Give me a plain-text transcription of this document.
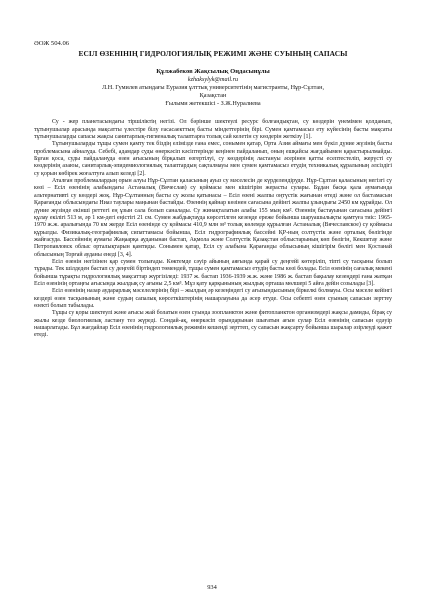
ӘОЖ 504.06

ЕСІЛ ӨЗЕНІНІҢ ГИДРОЛОГИЯЛЫҚ РЕЖИМІ ЖӘНЕ СУЫНЫҢ САПАСЫ

Құлжабеков Жақсылық Оңдасынұлы

kzhaksylyk@mail.ru

Л.Н. Гумилев атындағы Еуразия ұлттық университетінің магистранты, Нұр-Сұлтан,

Қазақстан

Ғылыми жетекшісі - З.Ж.Нуралиева

Су - жер планетасындағы тіршіліктің негізі. Ол бәрінше шектеулі ресурс болғандықтан, су көздерін үнемімен қолданып, тұтынушылар арасында мақсатты үлестіре білу ғасасаекттың басты міндеттерінің бірі. Сумен қамтамасыз ету күйесінің басты мақсаты тұтынушыларды сапасы жақсы санитарлық-гигиеналық талаптарға толық сай келетін су көздерін жеткізу [1].

Тұтынушыларды тұщы сумен қамту тек біздің елімізде ғана емес, сонымен қатар, Орта Азия аймағы мен бүкіл дүние жүзінің басты проблемасына айналуда. Себебі, адамдар суды өнеркәсіп кәсіптерінде кеңінен пайдаланып, оның ешқайсы жағдайымен қарастырылмайды. Бұған қоса, суды пайдалануда өзен ағысының бірқалып өзгертілуі, су көздерінің ластануы әсерінен қатты есептестеліп, жерүсті су көздерінің азаюы, санитарлық-эпидемиологиялық талаптардың сақталмауы мен сумен қамтамасыз етудің техникалық құралының әлсіздігі су қорын көбірек жоғалтуға алып келеді [2].

Аталған проблемалардың орын алуы Нұр-Сұлтан қаласының ауыз су мәселесін де күрделендіруде. Нұр-Сұлтан қаласының негізгі су көзі – Есіл өзенінің алабындағы Астаналық (Вячеслав) су қоймасы мен кішігірім жерасты сулары. Бұдан басқа қала аумағында альтернативті су көздері жоқ. Нұр-Сұлтанның басты су жолы қатынасы – Есіл өзені жалпы оңтүстік жағынан өтеді және ол бастамасын Қарағанды облысындағы Ниаз таулары маңынан бастайды. Өзеннің қайнар көзінен сағасына дейінгі жалпы ұзындығы 2450 км құрайды. Ол дүние жүзінде екінші реттегі ең ұзын сала болып саналады. Су жинақталатын алабы 155 мың км². Өзеннің бастауынан сағасына дейінгі құлау екілігі 513 м, әр 1 км-дегі еңістігі 21 см. Сумен жабдықтауда көрсетілген кезеңде ереже бойынша шаруашылықты қамтуға тиіс: 1965-1970 ж.ж. аралығында 70 км жерде Есіл өзенінде су қоймасы 410,9 млн м³ толық көлемде құрылған Астаналық (Вячеславское) су қоймасы құрылды. Физикалық-географиялық сипаттамасы бойынша, Есіл гидрографиялық бассейні ҚР-ның солтүстік және орталық бөлігінде жайғасуда. Бассейннің аумағы Жаңаарқа ауданынан бастап, Ақмола және Солтүстік Қазақстан облыстарының көп бөлігін, Кекшетау және Петропавловск облыс орталықтарын қамтиды. Сонымен қатар, Есіл су алабына Қарағанды облысының кішігірім бөлігі мен Қостанай облысының Торғай ауданы енеді [3, 4].

Есіл өзенін негізінен қар сумен толығады. Көктемде сәуір айының аяғында қарай су деңгейі көтеріліп, тіпті су тасқыны болып тұрады. Тек шілдеден бастап су деңгейі біртіндеп төмендей, тұщы сумен қамтамасыз етудің басты көзі болады. Есіл өзенінің сағалық мекені бойынша тұрақты гидрологиялық мақсаттар жүргізіледі: 1937 ж. бастап 1936-1939 ж.ж. және 1986 ж. бастап бақылау кезеңдері ғана жатқан Есіл өзенінің ортаңғы ағысында жылдық су ағыны 2,5 км³. Мұз қату қарқынының жылдық орташа мөлшері 5 айға дейін созылады [3].

Есіл өзенінің назар аударарлық мәселелерінің бірі – жылдың әр кезеңіндегі су ағызындысының біркелкі болмауы. Осы мәселе кейінгі кездері өзен тасқынының және судың сапалық көрсеткіштерінің нашарлауына да әсер етуде. Осы себепті өзен суының сапасын зерттеу өзекті болып табылады.

Тұщы су қоры шектеулі және ағысы жай болатын өзен суында зоопланктон және фитопланктон организмдері жақсы дамиды, бірақ су жылы кезде биологиялық ластану тез жүреді. Сондай-ақ, өнеркәсіп орындарынан шығатын ағын сулар Есіл өзенінің сапасын едәуір нашарлатады. Бұл жағдайлар Есіл өзенінің гидрологиялық режимін кешенді зерттеп, су сапасын жақсарту бойынша шаралар әзірлеуді қажет етеді.

934
